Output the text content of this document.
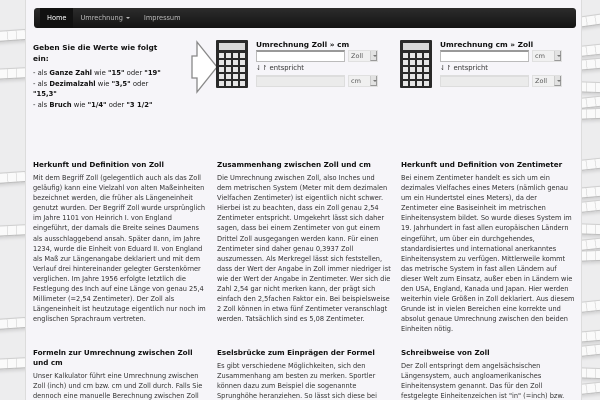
Home	Umrechnung	Impressum
Geben Sie die Werte wie folgt ein:

- als Ganze Zahl wie "15" oder "19"

- als Dezimalzahl wie "3,5" oder "15,3"

- als Bruch wie "1/4" oder "3 1/2"

Umrechnung Zoll » cm
Zoll
⇃↾ entspricht
cm
Umrechnung cm » Zoll
cm
⇃↾ entspricht
Zoll
Herkunft und Definition von Zoll

Mit dem Begriff Zoll (gelegentlich auch als das Zoll geläufig) kann eine Vielzahl von alten Maßeinheiten bezeichnet werden, die früher als Längeneinheit genutzt wurden. Der Begriff Zoll wurde ursprünglich im Jahre 1101 von Heinrich I. von England eingeführt, der damals die Breite seines Daumens als ausschlaggebend ansah. Später dann, im Jahre 1234, wurde die Einheit von Eduard II. von England als Maß zur Längenangabe deklariert und mit dem Verlauf drei hintereinander gelegter Gerstenkörner verglichen. Im Jahre 1956 erfolgte letztlich die Festlegung des Inch auf eine Länge von genau 25,4 Millimeter (=2,54 Zentimeter). Der Zoll als Längeneinheit ist heutzutage eigentlich nur noch im englischen Sprachraum vertreten.

Zusammenhang zwischen Zoll und cm

Die Umrechnung zwischen Zoll, also Inches und dem metrischen System (Meter mit dem dezimalen Vielfachen Zentimeter) ist eigentlich nicht schwer. Hierbei ist zu beachten, dass ein Zoll genau 2,54 Zentimeter entspricht. Umgekehrt lässt sich daher sagen, dass bei einem Zentimeter von gut einem Drittel Zoll ausgegangen werden kann. Für einen Zentimeter sind daher genau 0,3937 Zoll auszumessen. Als Merkregel lässt sich feststellen, dass der Wert der Angabe in Zoll immer niedriger ist wie der Wert der Angabe in Zentimeter. Wer sich die Zahl 2,54 gar nicht merken kann, der prägt sich einfach den 2,5fachen Faktor ein. Bei beispielsweise 2 Zoll können in etwa fünf Zentimeter veranschlagt werden. Tatsächlich sind es 5,08 Zentimeter.

Herkunft und Definition von Zentimeter

Bei einem Zentimeter handelt es sich um ein dezimales Vielfaches eines Meters (nämlich genau um ein Hundertstel eines Meters), da der Zentimeter eine Basiseinheit im metrischen Einheitensystem bildet. So wurde dieses System im 19. Jahrhundert in fast allen europäischen Ländern eingeführt, um über ein durchgehendes, standardisiertes und international anerkanntes Einheitensystem zu verfügen. Mittlerweile kommt das metrische System in fast allen Ländern auf dieser Welt zum Einsatz, außer eben in Ländern wie den USA, England, Kanada und Japan. Hier werden weiterhin viele Größen in Zoll deklariert. Aus diesem Grunde ist in vielen Bereichen eine korrekte und absolut genaue Umrechnung zwischen den beiden Einheiten nötig.

Formeln zur Umrechnung zwischen Zoll und cm

Unser Kalkulator führt eine Umrechnung zwischen Zoll (inch) und cm bzw. cm und Zoll durch. Falls Sie dennoch eine manuelle Berechnung zwischen Zoll

Eselsbrücke zum Einprägen der Formel

Es gibt verschiedene Möglichkeiten, sich den Zusammenhang am besten zu merken. Sportler können dazu zum Beispiel die sogenannte Sprunghöhe heranziehen. So lässt sich diese bei

Schreibweise von Zoll

Der Zoll entspringt dem angelsächsischen Längensystem, auch angloamerikanisches Einheitensystem genannt. Das für den Zoll festgelegte Einheitenzeichen ist "in" (=inch) bzw.
